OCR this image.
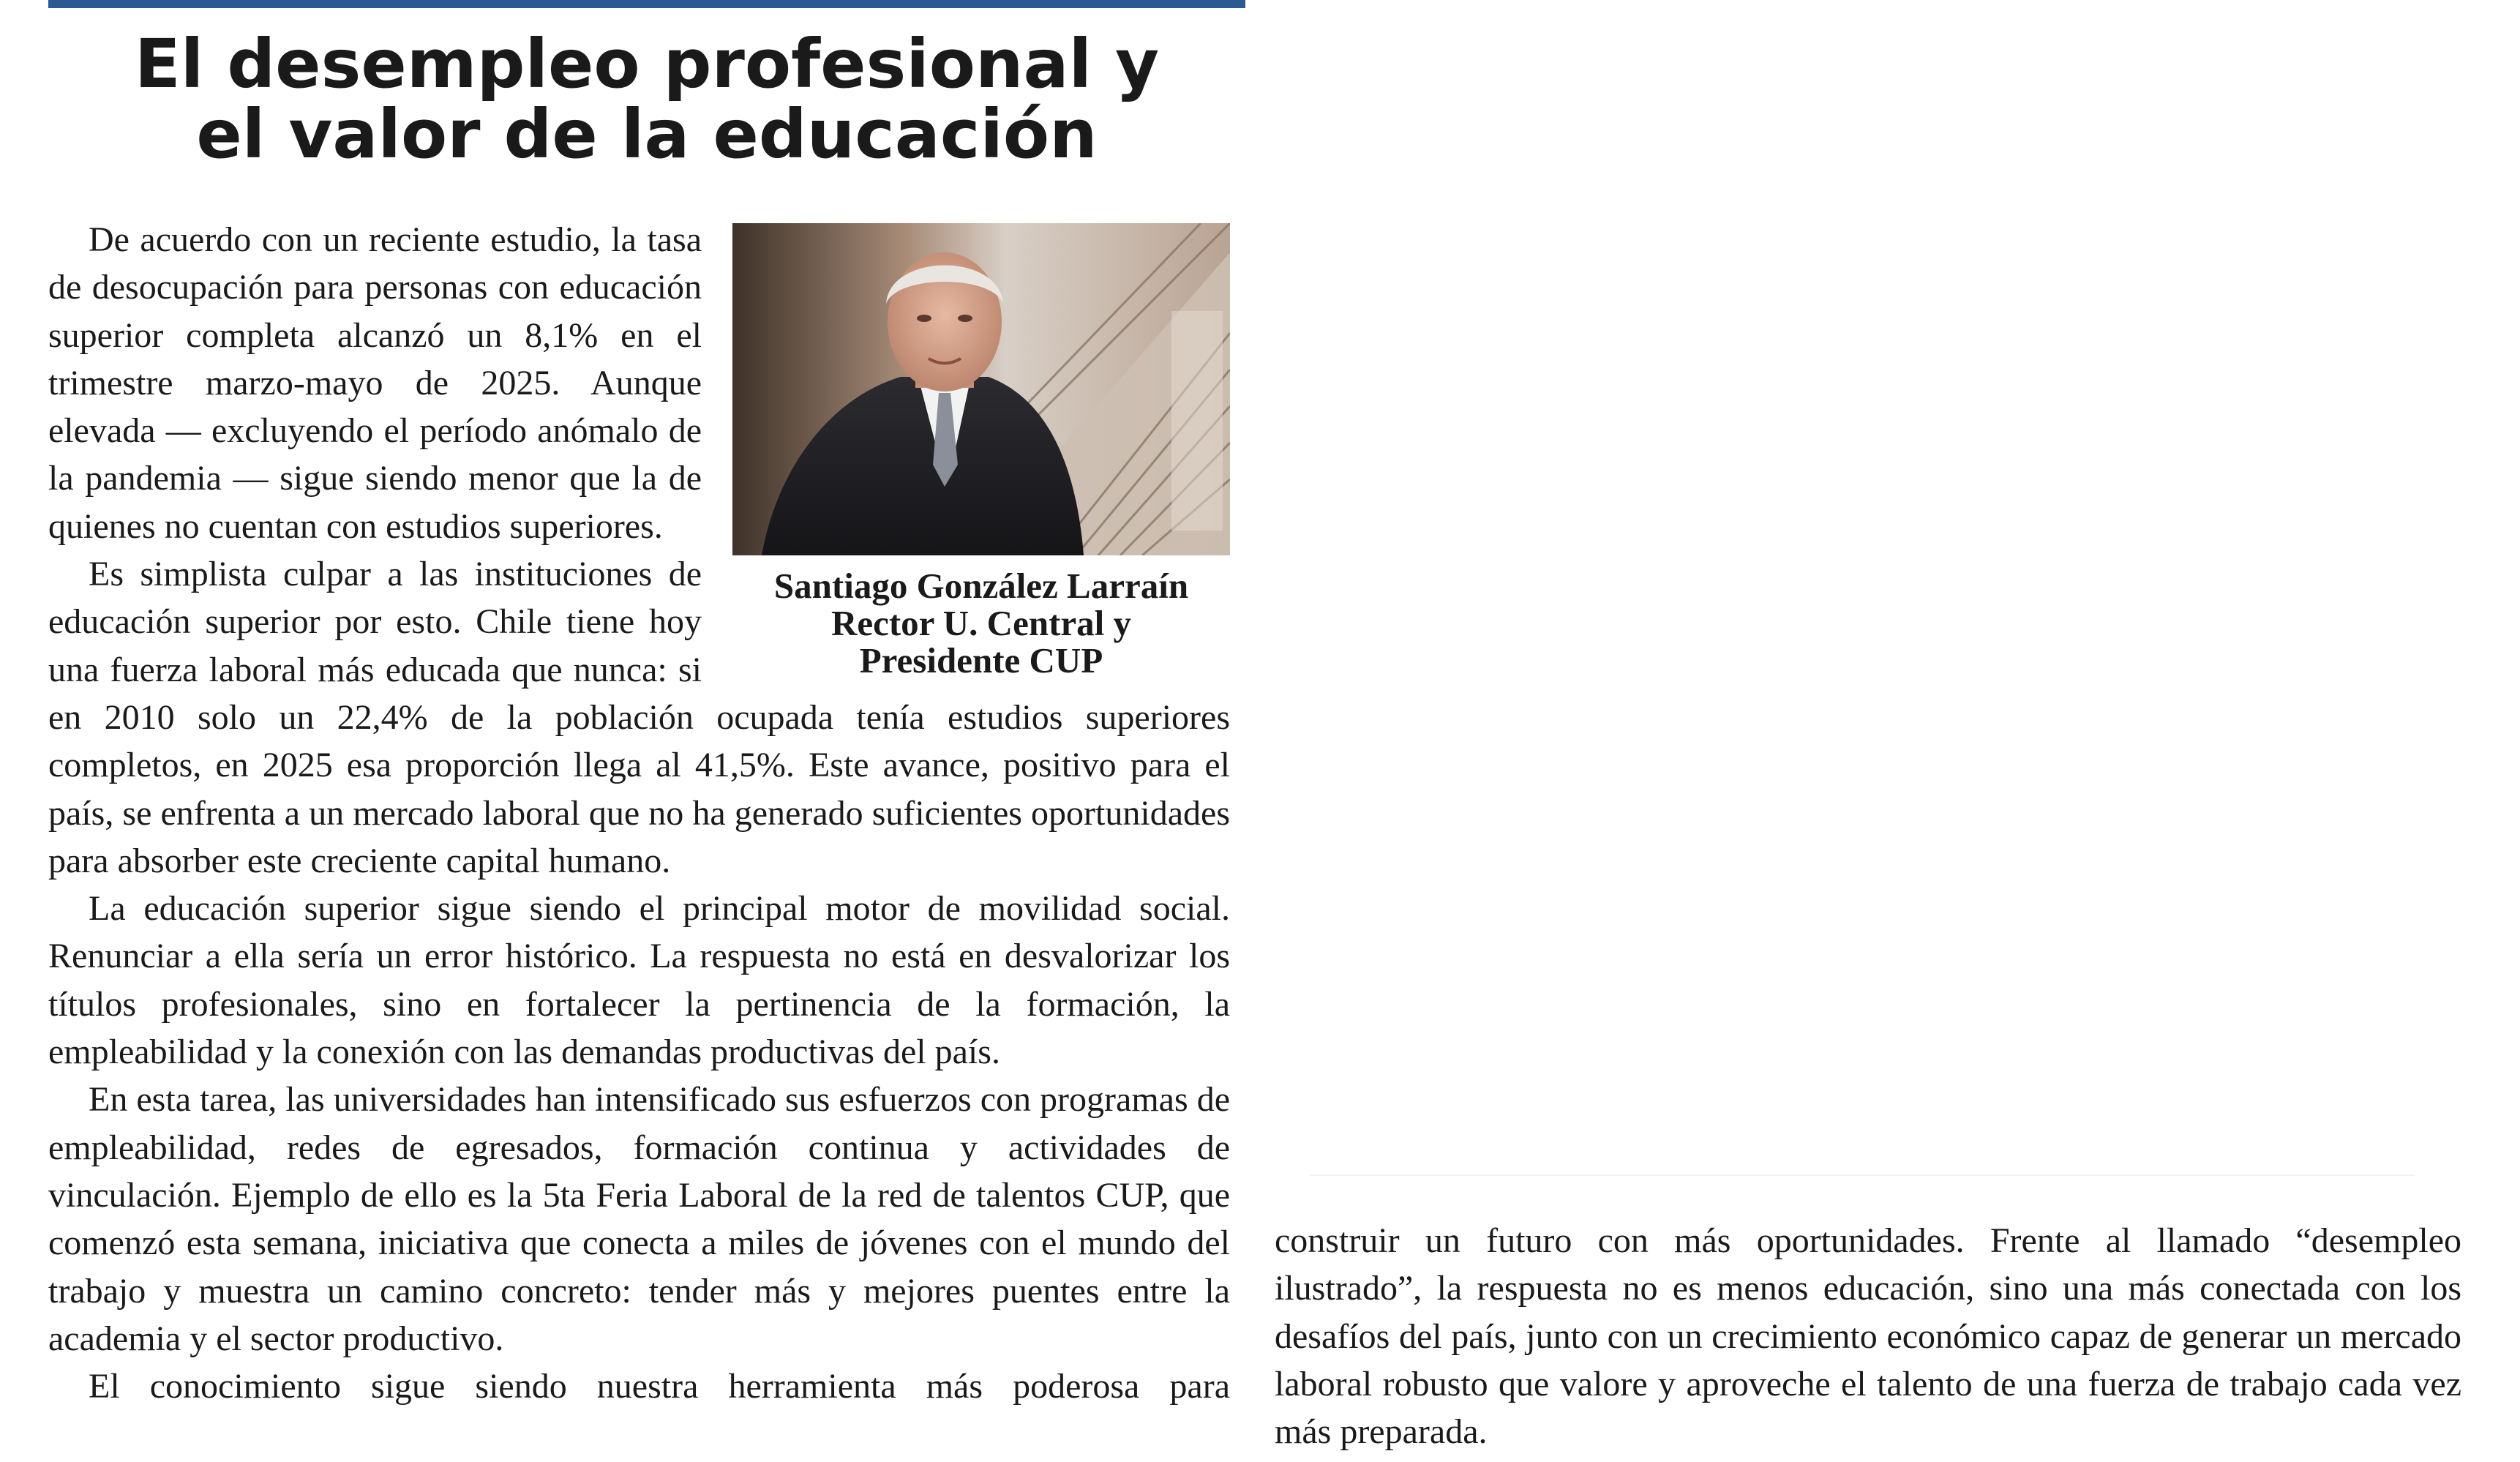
El desempleo profesional y
el valor de la educación
Santiago González Larraín
Rector U. Central y
Presidente CUP

De acuerdo con un reciente estudio, la tasa de desocupación para personas con educación superior completa alcanzó un 8,1% en el trimestre marzo-mayo de 2025. Aunque elevada — excluyendo el período anómalo de la pandemia — sigue siendo menor que la de quienes no cuentan con estudios superiores.

Es simplista culpar a las instituciones de educación superior por esto. Chile tiene hoy una fuerza laboral más educada que nunca: si en 2010 solo un 22,4% de la población ocupada tenía estudios superiores completos, en 2025 esa proporción llega al 41,5%. Este avance, positivo para el país, se enfrenta a un mercado laboral que no ha generado suficientes oportunidades para absorber este creciente capital humano.

La educación superior sigue siendo el principal motor de movilidad social. Renunciar a ella sería un error histórico. La respuesta no está en desvalorizar los títulos profesionales, sino en fortalecer la pertinencia de la formación, la empleabilidad y la conexión con las demandas productivas del país.

En esta tarea, las universidades han intensificado sus esfuerzos con programas de empleabilidad, redes de egresados, formación continua y actividades de vinculación. Ejemplo de ello es la 5ta Feria Laboral de la red de talentos CUP, que comenzó esta semana, iniciativa que conecta a miles de jóvenes con el mundo del trabajo y muestra un camino concreto: tender más y mejores puentes entre la academia y el sector productivo.

El conocimiento sigue siendo nuestra herramienta más poderosa para

construir un futuro con más oportunidades. Frente al llamado “desempleo ilustrado”, la respuesta no es menos educación, sino una más conectada con los desafíos del país, junto con un crecimiento económico capaz de generar un mercado laboral robusto que valore y aproveche el talento de una fuerza de trabajo cada vez más preparada.
